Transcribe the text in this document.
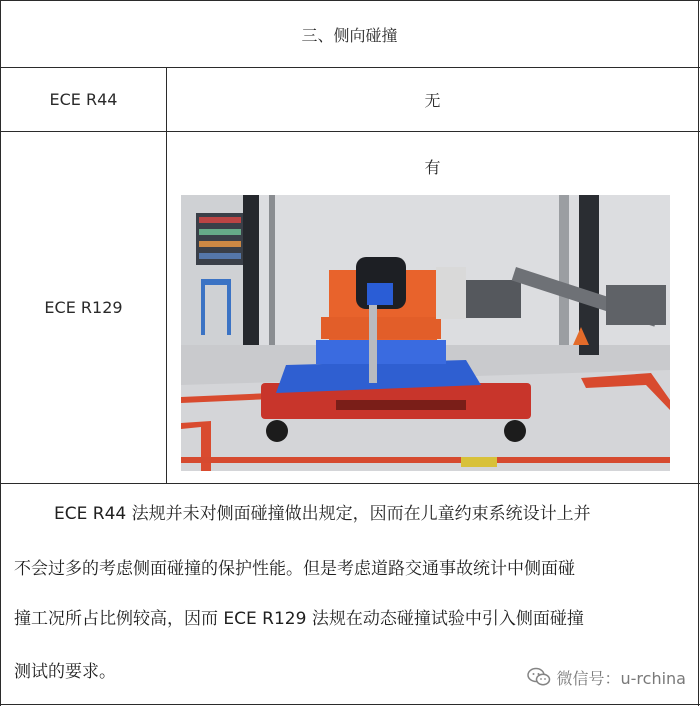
三、侧向碰撞
ECE R44	无
ECE R129
有
ECE R44 法规并未对侧面碰撞做出规定，因而在儿童约束系统设计上并
不会过多的考虑侧面碰撞的保护性能。但是考虑道路交通事故统计中侧面碰
撞工况所占比例较高，因而 ECE R129 法规在动态碰撞试验中引入侧面碰撞
测试的要求。	微信号：u-rchina
